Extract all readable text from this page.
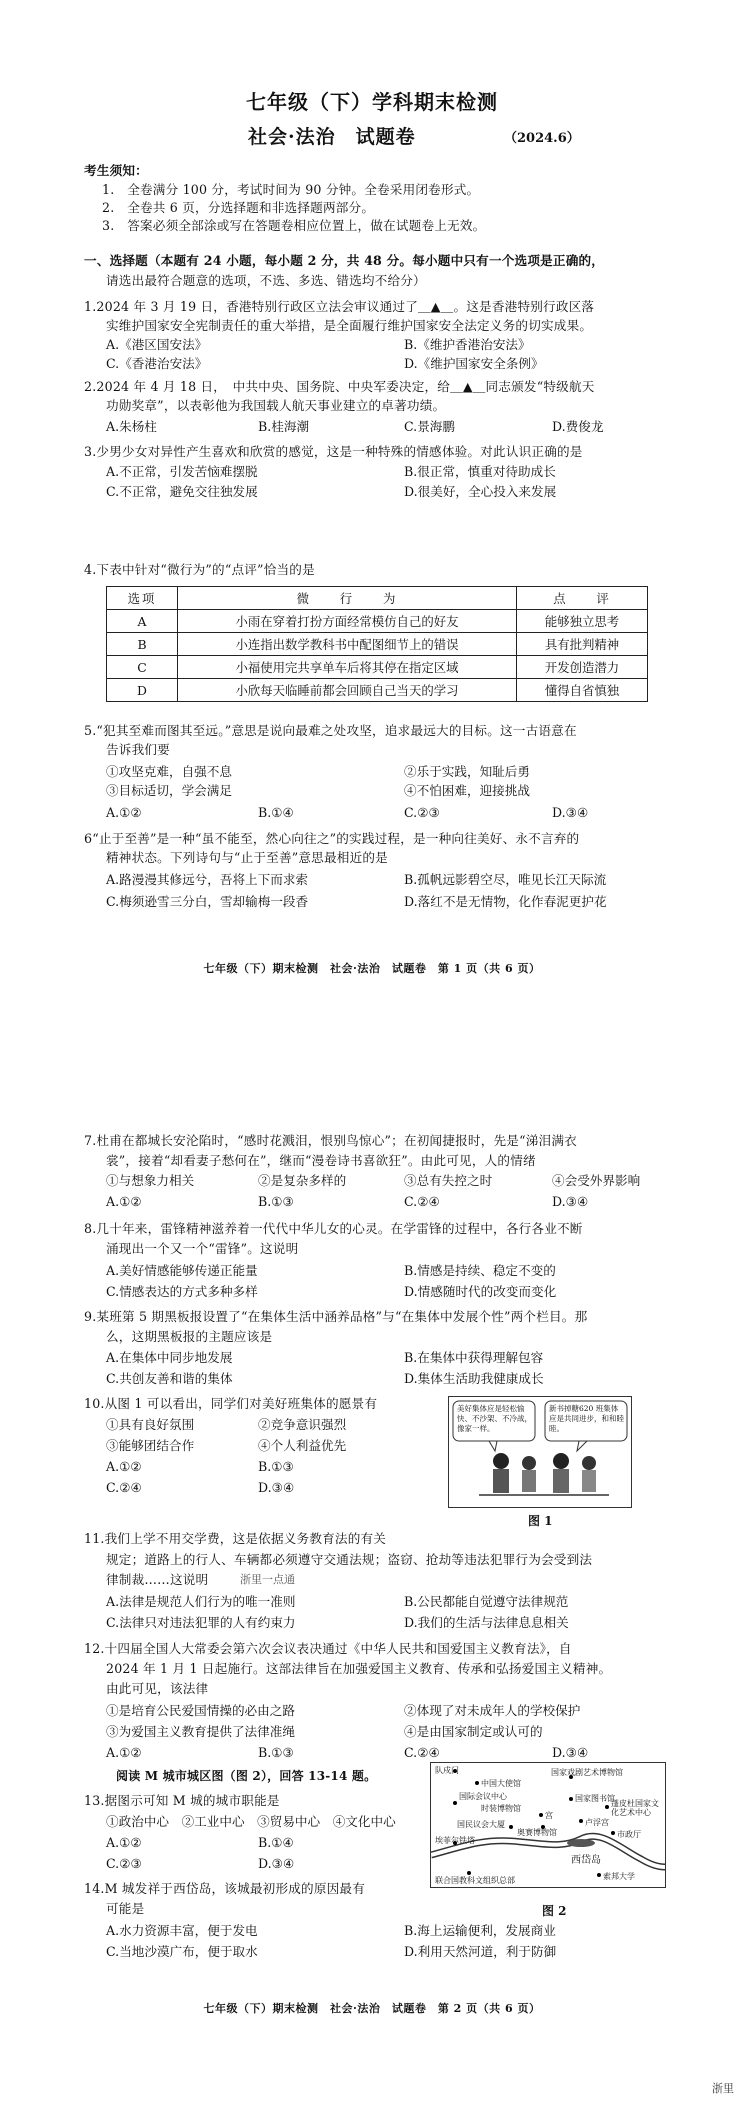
七年级（下）学科期末检测
社会·法治　试题卷	（2024.6）
考生须知：
1.　全卷满分 100 分，考试时间为 90 分钟。全卷采用闭卷形式。
2.　全卷共 6 页，分选择题和非选择题两部分。
3.　答案必须全部涂或写在答题卷相应位置上，做在试题卷上无效。
一、选择题（本题有 24 小题，每小题 2 分，共 48 分。每小题中只有一个选项是正确的，
请选出最符合题意的选项，不选、多选、错选均不给分）
1.2024 年 3 月 19 日，香港特别行政区立法会审议通过了＿▲＿。这是香港特别行政区落
实维护国家安全宪制责任的重大举措，是全面履行维护国家安全法定义务的切实成果。
A.《港区国安法》	B.《维护香港治安法》
C.《香港治安法》	D.《维护国家安全条例》
2.2024 年 4 月 18 日，　中共中央、国务院、中央军委决定，给＿▲＿同志颁发“特级航天
功勋奖章”，以表彰他为我国载人航天事业建立的卓著功绩。
A.朱杨柱	B.桂海潮	C.景海鹏	D.费俊龙
3.少男少女对异性产生喜欢和欣赏的感觉，这是一种特殊的情感体验。对此认识正确的是
A.不正常，引发苦恼难摆脱	B.很正常，慎重对待助成长
C.不正常，避免交往独发展	D.很美好，全心投入来发展
4.下表中针对“微行为”的“点评”恰当的是
选项	微　　行　　为	点　　评
A	小雨在穿着打扮方面经常模仿自己的好友	能够独立思考
B	小连指出数学教科书中配图细节上的错误	具有批判精神
C	小福使用完共享单车后将其停在指定区域	开发创造潜力
D	小欣每天临睡前都会回顾自己当天的学习	懂得自省慎独
5.“犯其至难而图其至远。”意思是说向最难之处攻坚，追求最远大的目标。这一古语意在
告诉我们要
①攻坚克难，自强不息	②乐于实践，知耻后勇
③目标适切，学会满足	④不怕困难，迎接挑战
A.①②	B.①④	C.②③	D.③④
6“止于至善”是一种“虽不能至，然心向往之”的实践过程，是一种向往美好、永不言弃的
精神状态。下列诗句与“止于至善”意思最相近的是
A.路漫漫其修远兮，吾将上下而求索	B.孤帆远影碧空尽，唯见长江天际流
C.梅须逊雪三分白，雪却输梅一段香	D.落红不是无情物，化作春泥更护花
七年级（下）期末检测　社会·法治　试题卷　第 1 页（共 6 页）
7.杜甫在都城长安沦陷时，“感时花溅泪，恨别鸟惊心”；在初闻捷报时，先是“涕泪满衣
裳”，接着“却看妻子愁何在”，继而“漫卷诗书喜欲狂”。由此可见，人的情绪
①与想象力相关	②是复杂多样的	③总有失控之时	④会受外界影响
A.①②	B.①③	C.②④	D.③④
8.几十年来，雷锋精神滋养着一代代中华儿女的心灵。在学雷锋的过程中，各行各业不断
涌现出一个又一个“雷锋”。这说明
A.美好情感能够传递正能量	B.情感是持续、稳定不变的
C.情感表达的方式多种多样	D.情感随时代的改变而变化
9.某班第 5 期黑板报设置了“在集体生活中涵养品格”与“在集体中发展个性”两个栏目。那
么，这期黑板报的主题应该是
A.在集体中同步地发展	B.在集体中获得理解包容
C.共创友善和谐的集体	D.集体生活助我健康成长
10.从图 1 可以看出，同学们对美好班集体的愿景有
①具有良好氛围	②竞争意识强烈
③能够团结合作	④个人利益优先
A.①②	B.①③
C.②④	D.③④
美好集体应是轻松愉快、不沙架、不冷战，像家一样。
新书掉糖620 班集体应是共同进步，和和睦睦。
图 1
11.我们上学不用交学费，这是依据义务教育法的有关
规定；道路上的行人、车辆都必须遵守交通法规；盗窃、抢劫等违法犯罪行为会受到法
律制裁……这说明	浙里一点通
A.法律是规范人们行为的唯一准则	B.公民都能自觉遵守法律规范
C.法律只对违法犯罪的人有约束力	D.我们的生活与法律息息相关
12.十四届全国人大常委会第六次会议表决通过《中华人民共和国爱国主义教育法》，自
2024 年 1 月 1 日起施行。这部法律旨在加强爱国主义教育、传承和弘扬爱国主义精神。
由此可见，该法律
①是培育公民爱国情操的必由之路	②体现了对未成年人的学校保护
③为爱国主义教育提供了法律准绳	④是由国家制定或认可的
A.①②	B.①③	C.②④	D.③④
阅读 M 城市城区图（图 2），回答 13-14 题。
13.据图示可知 M 城的城市职能是
①政治中心　②工业中心　③贸易中心　④文化中心
A.①②	B.①④
C.②③	D.③④
14.M 城发祥于西岱岛，该城最初形成的原因最有
可能是
A.水力资源丰富，便于发电	B.海上运输便利，发展商业
C.当地沙漠广布，便于取水	D.利用天然河道，利于防御
队戍门
中国大使馆
国家戏剧艺术博物馆
国际会议中心
时装博物馆
国家图书馆
宫
蓬皮杜国家文化艺术中心
国民议会大厦
奥赛博物馆
卢浮宫
埃菲尔铁塔
市政厅
西岱岛
联合国教科文组织总部	索邦大学
图 2
七年级（下）期末检测　社会·法治　试题卷　第 2 页（共 6 页）
浙里
